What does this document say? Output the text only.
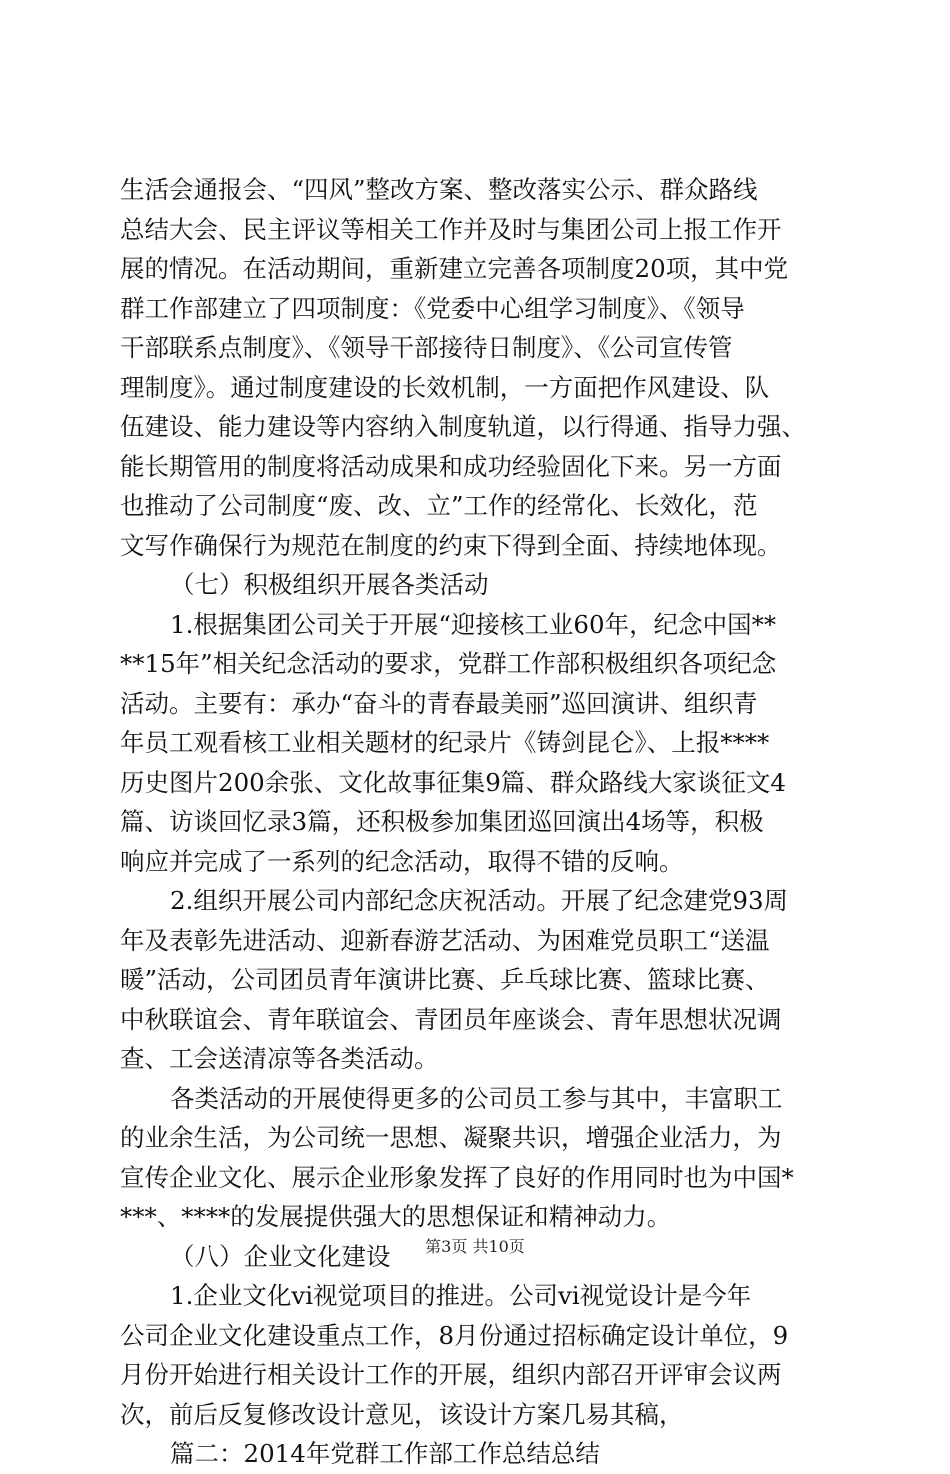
生活会通报会、“四风”整改方案、整改落实公示、群众路线
总结大会、民主评议等相关工作并及时与集团公司上报工作开
展的情况。在活动期间，重新建立完善各项制度20项，其中党
群工作部建立了四项制度：《党委中心组学习制度》、《领导
干部联系点制度》、《领导干部接待日制度》、《公司宣传管
理制度》。通过制度建设的长效机制，一方面把作风建设、队
伍建设、能力建设等内容纳入制度轨道，以行得通、指导力强、
能长期管用的制度将活动成果和成功经验固化下来。另一方面
也推动了公司制度“废、改、立”工作的经常化、长效化，范
文写作确保行为规范在制度的约束下得到全面、持续地体现。
（七）积极组织开展各类活动
1.根据集团公司关于开展“迎接核工业60年，纪念中国**
**15年”相关纪念活动的要求，党群工作部积极组织各项纪念
活动。主要有：承办“奋斗的青春最美丽”巡回演讲、组织青
年员工观看核工业相关题材的纪录片《铸剑昆仑》、上报****
历史图片200余张、文化故事征集9篇、群众路线大家谈征文4
篇、访谈回忆录3篇，还积极参加集团巡回演出4场等，积极
响应并完成了一系列的纪念活动，取得不错的反响。
2.组织开展公司内部纪念庆祝活动。开展了纪念建党93周
年及表彰先进活动、迎新春游艺活动、为困难党员职工“送温
暖”活动，公司团员青年演讲比赛、乒乓球比赛、篮球比赛、
中秋联谊会、青年联谊会、青团员年座谈会、青年思想状况调
查、工会送清凉等各类活动。
各类活动的开展使得更多的公司员工参与其中，丰富职工
的业余生活，为公司统一思想、凝聚共识，增强企业活力，为
宣传企业文化、展示企业形象发挥了良好的作用同时也为中国*
***、****的发展提供强大的思想保证和精神动力。
（八）企业文化建设
1.企业文化vi视觉项目的推进。公司vi视觉设计是今年
公司企业文化建设重点工作，8月份通过招标确定设计单位，9
月份开始进行相关设计工作的开展，组织内部召开评审会议两
次，前后反复修改设计意见，该设计方案几易其稿，
篇二：2014年党群工作部工作总结总结
第3页 共10页
